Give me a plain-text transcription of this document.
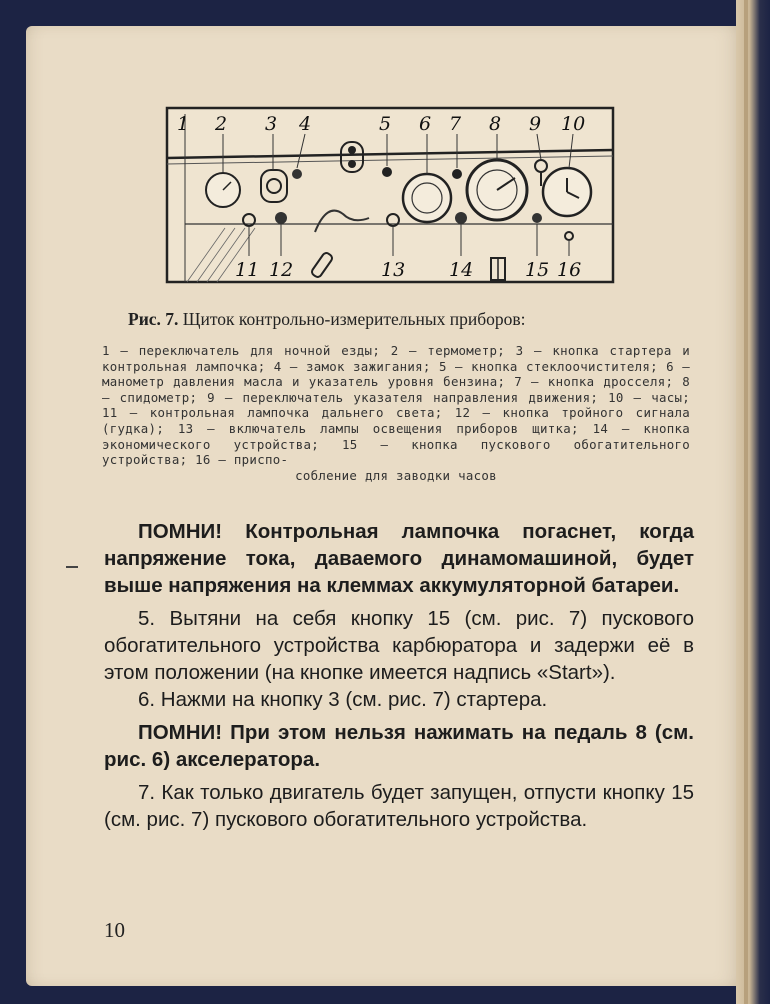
1 2 3 4	5 6 7 8 9 10
11 12	13 14	15 16
Рис. 7. Щиток контрольно-измерительных приборов:
1 — переключатель для ночной езды; 2 — термометр; 3 — кнопка стартера и контрольная лампочка; 4 — замок зажигания; 5 — кнопка стеклоочистителя; 6 — манометр давления масла и указатель уровня бензина; 7 — кнопка дросселя; 8 — спидометр; 9 — переключатель указателя направления движения; 10 — часы; 11 — контрольная лампочка дальнего света; 12 — кнопка тройного сигнала (гудка); 13 — включатель лампы освещения приборов щитка; 14 — кнопка экономического устройства; 15 — кнопка пускового обогатительного устройства; 16 — приспо-
собление для заводки часов

ПОМНИ! Контрольная лампочка погаснет, когда напряжение тока, даваемого динамомашиной, будет выше напряжения на клеммах аккумуляторной батареи.

5. Вытяни на себя кнопку 15 (см. рис. 7) пускового обогатительного устройства карбюратора и задержи её в этом положении (на кнопке имеется надпись «Start»).

6. Нажми на кнопку 3 (см. рис. 7) стартера.

ПОМНИ! При этом нельзя нажимать на педаль 8 (см. рис. 6) акселератора.

7. Как только двигатель будет запущен, отпусти кнопку 15 (см. рис. 7) пускового обогатительного устройства.

10
